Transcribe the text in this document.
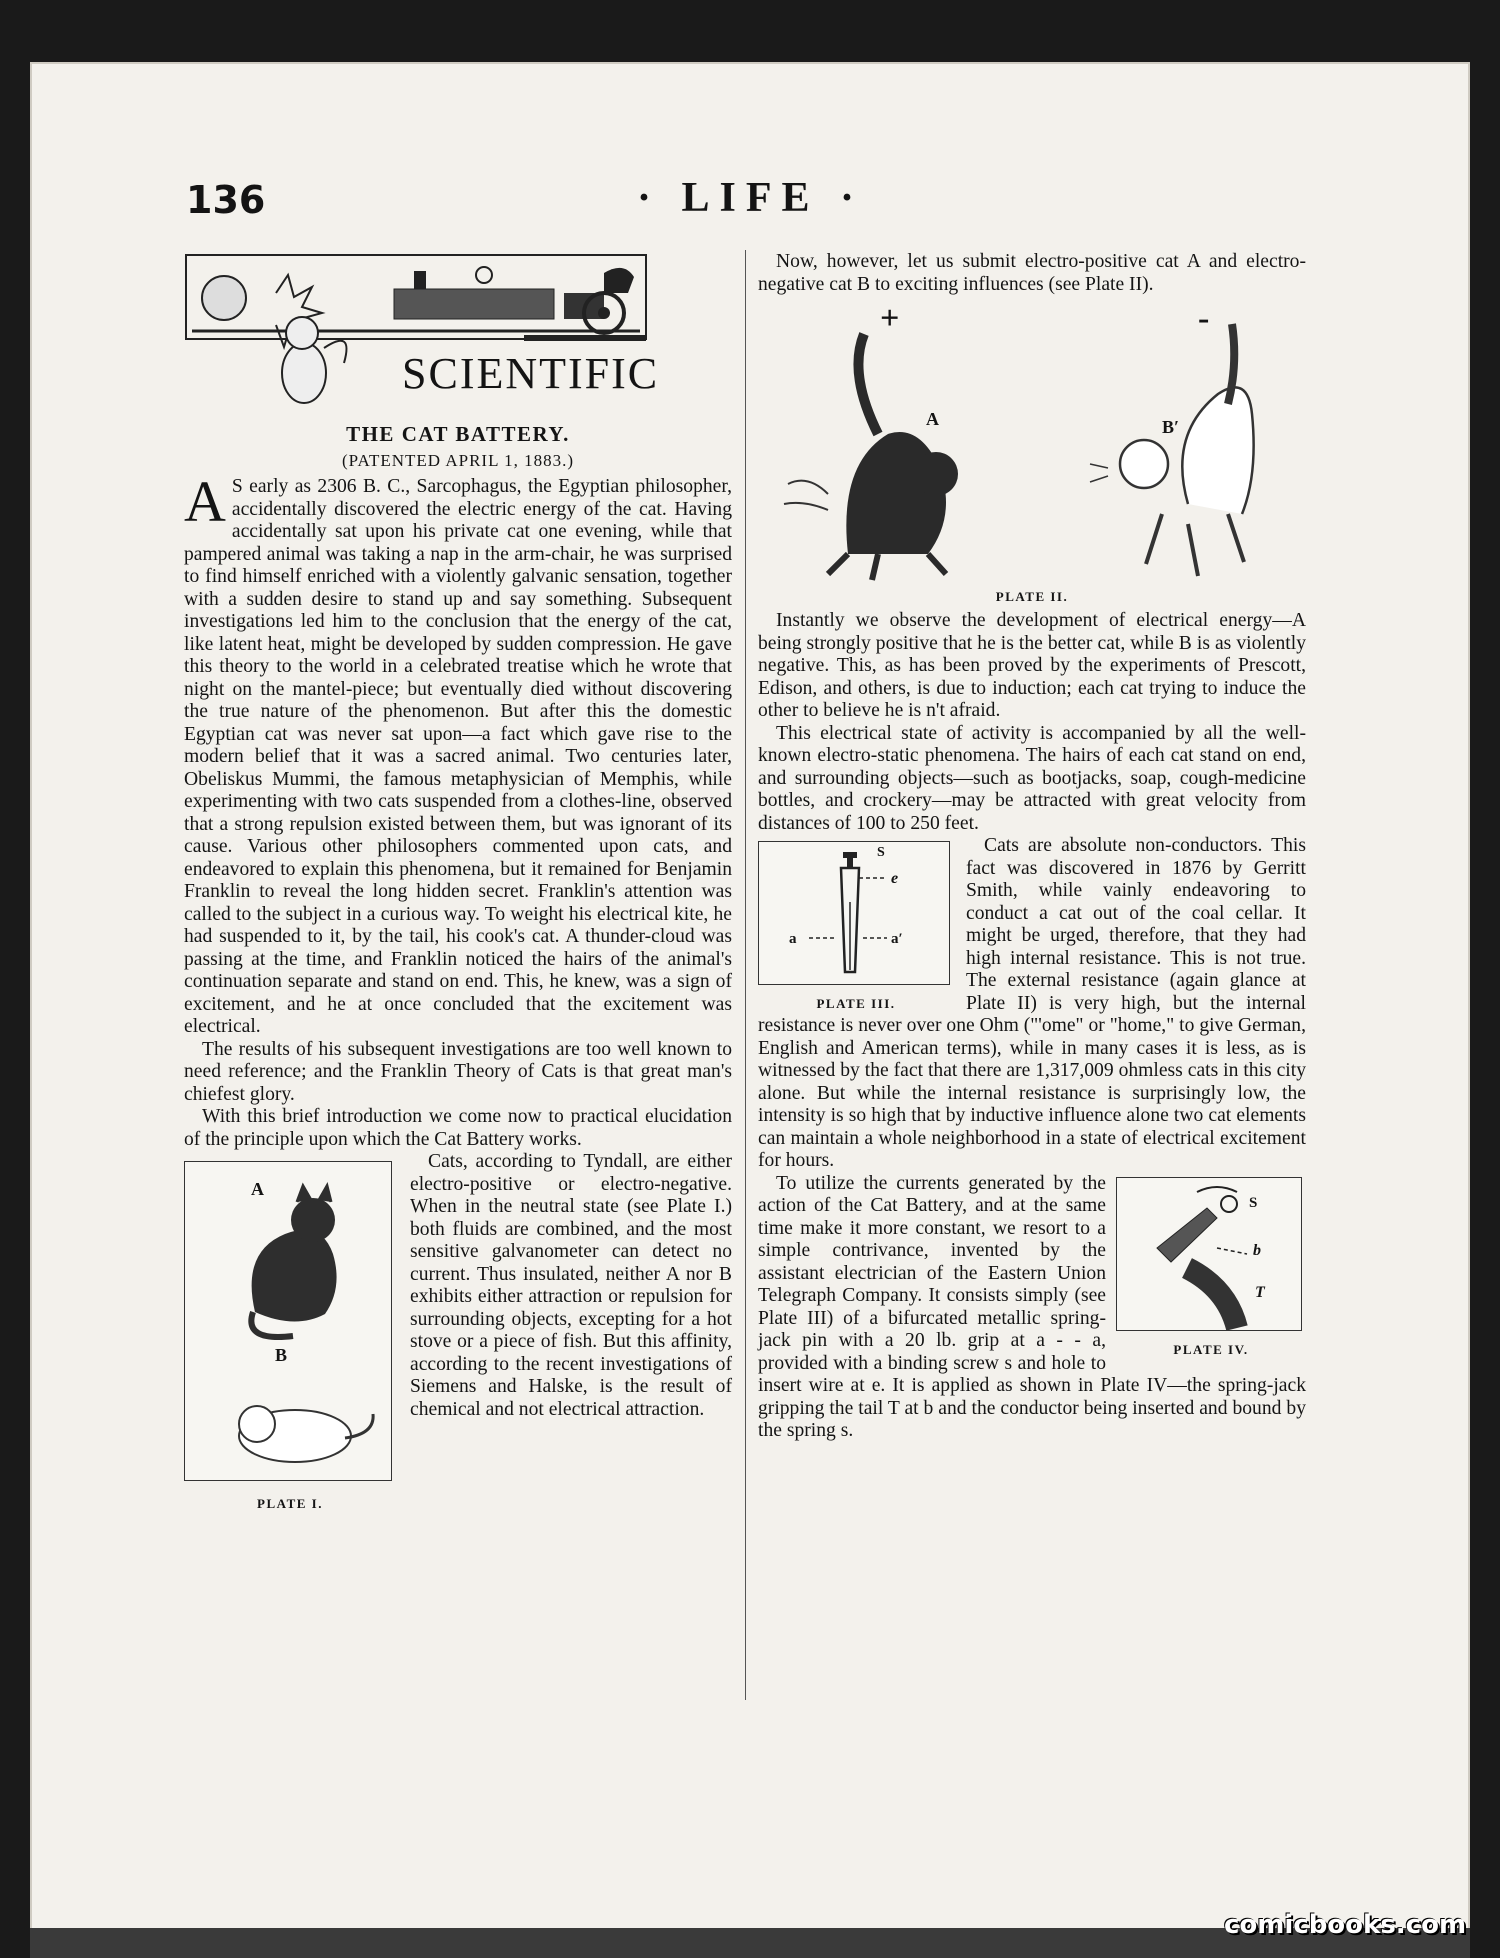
136	· LIFE ·
SCIENTIFIC
THE CAT BATTERY.
(PATENTED APRIL 1, 1883.)

A S early as 2306 B. C., Sarcophagus, the Egyptian philosopher, accidentally discovered the electric energy of the cat. Having accidentally sat upon his private cat one evening, while that pampered animal was taking a nap in the arm-chair, he was surprised to find himself enriched with a violently galvanic sensation, together with a sudden desire to stand up and say something. Subsequent investigations led him to the conclusion that the energy of the cat, like latent heat, might be developed by sudden compression. He gave this theory to the world in a celebrated treatise which he wrote that night on the mantel-piece; but eventually died without discovering the true nature of the phenomenon. But after this the domestic Egyptian cat was never sat upon—a fact which gave rise to the modern belief that it was a sacred animal. Two centuries later, Obeliskus Mummi, the famous metaphysician of Memphis, while experimenting with two cats suspended from a clothes-line, observed that a strong repulsion existed between them, but was ignorant of its cause. Various other philosophers commented upon cats, and endeavored to explain this phenomena, but it remained for Benjamin Franklin to reveal the long hidden secret. Franklin's attention was called to the subject in a curious way. To weight his electrical kite, he had suspended to it, by the tail, his cook's cat. A thunder-cloud was passing at the time, and Franklin noticed the hairs of the animal's continuation separate and stand on end. This, he knew, was a sign of excitement, and he at once concluded that the excitement was electrical.

The results of his subsequent investigations are too well known to need reference; and the Franklin Theory of Cats is that great man's chiefest glory.

With this brief introduction we come now to practical elucidation of the principle upon which the Cat Battery works.

A
B
PLATE I.

Cats, according to Tyndall, are either electro-positive or electro-negative. When in the neutral state (see Plate I.) both fluids are combined, and the most sensitive galvanometer can detect no current. Thus insulated, neither A nor B exhibits either attraction or repulsion for surrounding objects, excepting for a hot stove or a piece of fish. But this affinity, according to the recent investigations of Siemens and Halske, is the result of chemical and not electrical attraction.

Now, however, let us submit electro-positive cat A and electro-negative cat B to exciting influences (see Plate II).

+	-
A	B′
PLATE II.

Instantly we observe the development of electrical energy—A being strongly positive that he is the better cat, while B is as violently negative. This, as has been proved by the experiments of Prescott, Edison, and others, is due to induction; each cat trying to induce the other to believe he is n't afraid.

This electrical state of activity is accompanied by all the well-known electro-static phenomena. The hairs of each cat stand on end, and surrounding objects—such as bootjacks, soap, cough-medicine bottles, and crockery—may be attracted with great velocity from distances of 100 to 250 feet.

S
e
a	a′
PLATE III.

Cats are absolute non-conductors. This fact was discovered in 1876 by Gerritt Smith, while vainly endeavoring to conduct a cat out of the coal cellar. It might be urged, therefore, that they had high internal resistance. This is not true. The external resistance (again glance at Plate II) is very high, but the internal resistance is never over one Ohm ("'ome" or "home," to give German, English and American terms), while in many cases it is less, as is witnessed by the fact that there are 1,317,009 ohmless cats in this city alone. But while the internal resistance is surprisingly low, the intensity is so high that by inductive influence alone two cat elements can maintain a whole neighborhood in a state of electrical excitement for hours.

S
b
T
PLATE IV.

To utilize the currents generated by the action of the Cat Battery, and at the same time make it more constant, we resort to a simple contrivance, invented by the assistant electrician of the Eastern Union Telegraph Company. It consists simply (see Plate III) of a bifurcated metallic spring-jack pin with a 20 lb. grip at a - - a, provided with a binding screw s and hole to insert wire at e. It is applied as shown in Plate IV—the spring-jack gripping the tail T at b and the conductor being inserted and bound by the spring s.

comicbooks.com
